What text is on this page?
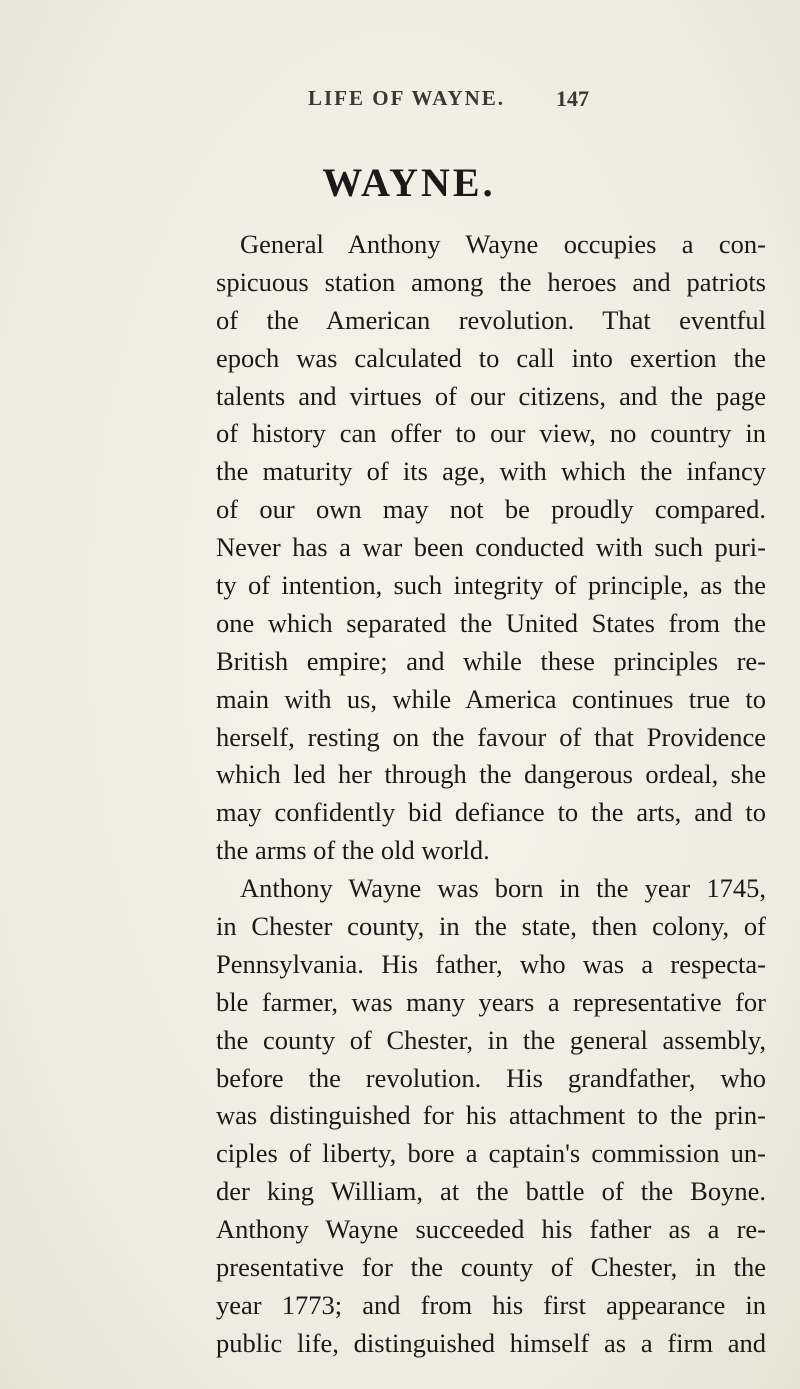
LIFE OF WAYNE. 147
WAYNE.
General Anthony Wayne occupies a con-
spicuous station among the heroes and patriots
of the American revolution. That eventful
epoch was calculated to call into exertion the
talents and virtues of our citizens, and the page
of history can offer to our view, no country in
the maturity of its age, with which the infancy
of our own may not be proudly compared.
Never has a war been conducted with such puri-
ty of intention, such integrity of principle, as the
one which separated the United States from the
British empire; and while these principles re-
main with us, while America continues true to
herself, resting on the favour of that Providence
which led her through the dangerous ordeal, she
may confidently bid defiance to the arts, and to
the arms of the old world.
Anthony Wayne was born in the year 1745,
in Chester county, in the state, then colony, of
Pennsylvania. His father, who was a respecta-
ble farmer, was many years a representative for
the county of Chester, in the general assembly,
before the revolution. His grandfather, who
was distinguished for his attachment to the prin-
ciples of liberty, bore a captain's commission un-
der king William, at the battle of the Boyne.
Anthony Wayne succeeded his father as a re-
presentative for the county of Chester, in the
year 1773; and from his first appearance in
public life, distinguished himself as a firm and
